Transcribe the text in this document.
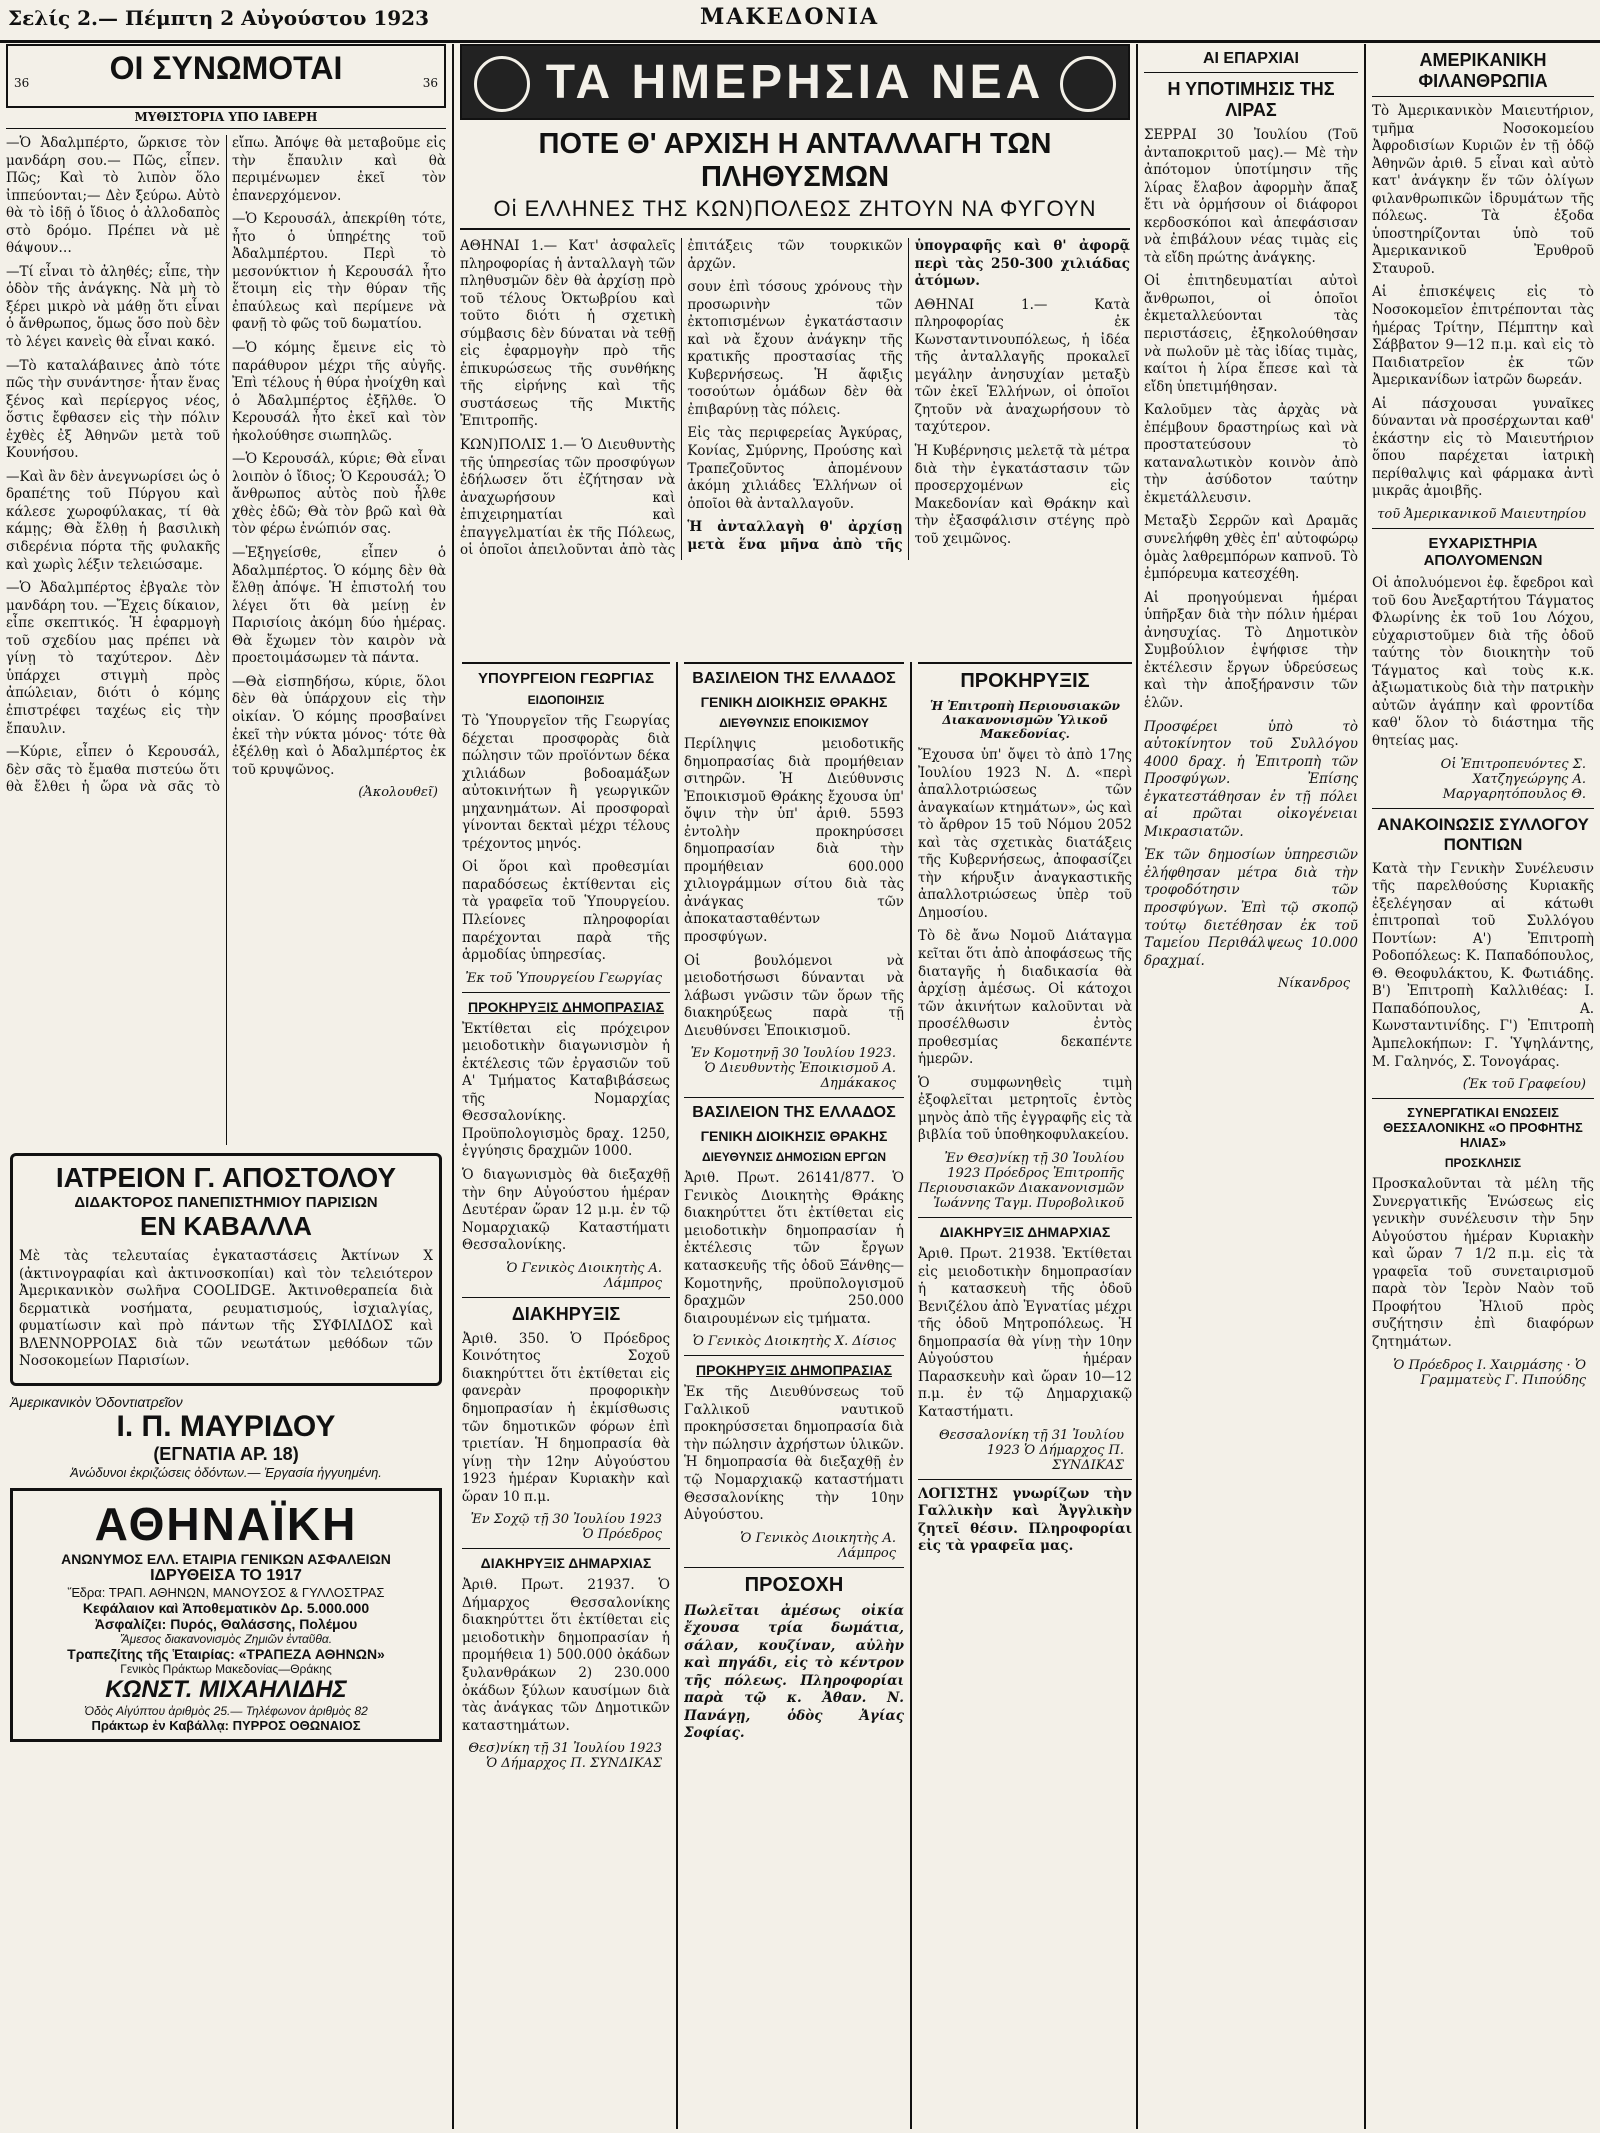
Σελίς 2.— Πέμπτη 2 Αὐγούστου 1923	ΜΑΚΕΔΟΝΙΑ
36	ΟΙ ΣΥΝΩΜΟΤΑΙ	36
ΜΥΘΙΣΤΟΡΙΑ ΥΠΟ ΙΑΒΕΡΗ

—Ὁ Ἀδαλμπέρτο, ὥρκισε τὸν μανδάρη σου.— Πῶς, εἶπεν. Πῶς; Καὶ τὸ λιπὸν ὅλο ἰππεύονται;— Δὲν ξεύρω. Αὐτὸ θὰ τὸ ἰδῇ ὁ ἴδιος ὁ ἀλλοδαπὸς στὸ δρόμο. Πρέπει νὰ μὲ θάψουν…

—Τί εἶναι τὸ ἀληθές; εἶπε, τὴν ὁδὸν τῆς ἀνάγκης. Νὰ μὴ τὸ ξέρει μικρὸ νὰ μάθῃ ὅτι εἶναι ὁ ἄνθρωπος, ὅμως ὅσο ποὺ δὲν τὸ λέγει κανεὶς θὰ εἶναι κακό.

—Τὸ καταλάβαινες ἀπὸ τότε πῶς τὴν συνάντησε· ἦταν ἕνας ξένος καὶ περίεργος νέος, ὅστις ἔφθασεν εἰς τὴν πόλιν ἐχθὲς ἐξ Ἀθηνῶν μετὰ τοῦ Κουνήσου.

—Καὶ ἂν δὲν ἀνεγνωρίσει ὡς ὁ δραπέτης τοῦ Πύργου καὶ κάλεσε χωροφύλακας, τί θὰ κάμῃς; Θὰ ἔλθῃ ἡ βασιλικὴ σιδερένια πόρτα τῆς φυλακῆς καὶ χωρὶς λέξιν τελειώσαμε.

—Ὁ Ἀδαλμπέρτος ἐβγαλε τὸν μανδάρη του. —Ἔχεις δίκαιον, εἶπε σκεπτικός. Ἡ ἐφαρμογὴ τοῦ σχεδίου μας πρέπει νὰ γίνῃ τὸ ταχύτερον. Δὲν ὑπάρχει στιγμὴ πρὸς ἀπώλειαν, διότι ὁ κόμης ἐπιστρέφει ταχέως εἰς τὴν ἔπαυλιν.

—Κύριε, εἶπεν ὁ Κερουσάλ, δὲν σᾶς τὸ ἔμαθα πιστεύω ὅτι θὰ ἔλθει ἡ ὥρα νὰ σᾶς τὸ εἴπω. Ἀπόψε θὰ μεταβοῦμε εἰς τὴν ἔπαυλιν καὶ θὰ περιμένωμεν ἐκεῖ τὸν ἐπανερχόμενον.

—Ὁ Κερουσάλ, ἀπεκρίθη τότε, ἦτο ὁ ὑπηρέτης τοῦ Ἀδαλμπέρτου. Περὶ τὸ μεσονύκτιον ἡ Κερουσάλ ἦτο ἕτοιμη εἰς τὴν θύραν τῆς ἐπαύλεως καὶ περίμενε νὰ φανῇ τὸ φῶς τοῦ δωματίου.

—Ὁ κόμης ἔμεινε εἰς τὸ παράθυρον μέχρι τῆς αὐγῆς. Ἐπὶ τέλους ἡ θύρα ἠνοίχθη καὶ ὁ Ἀδαλμπέρτος ἐξῆλθε. Ὁ Κερουσάλ ἦτο ἐκεῖ καὶ τὸν ἠκολούθησε σιωπηλῶς.

—Ὁ Κερουσάλ, κύριε; Θὰ εἶναι λοιπὸν ὁ ἴδιος; Ὁ Κερουσάλ; Ὁ ἄνθρωπος αὐτὸς ποὺ ἦλθε χθὲς ἐδῶ; Θὰ τὸν βρῶ καὶ θὰ τὸν φέρω ἐνώπιόν σας.

—Ἐξηγείσθε, εἶπεν ὁ Ἀδαλμπέρτος. Ὁ κόμης δὲν θὰ ἔλθῃ ἀπόψε. Ἡ ἐπιστολή του λέγει ὅτι θὰ μείνῃ ἐν Παρισίοις ἀκόμη δύο ἡμέρας. Θὰ ἔχωμεν τὸν καιρὸν νὰ προετοιμάσωμεν τὰ πάντα.

—Θὰ εἰσπηδήσω, κύριε, ὅλοι δὲν θὰ ὑπάρχουν εἰς τὴν οἰκίαν. Ὁ κόμης προσβαίνει ἐκεῖ τὴν νύκτα μόνος· τότε θὰ ἐξέλθῃ καὶ ὁ Ἀδαλμπέρτος ἐκ τοῦ κρυψῶνος.

(Ἀκολουθεῖ)

ΙΑΤΡΕΙΟΝ Γ. ΑΠΟΣΤΟΛΟΥ
ΔΙΔΑΚΤΟΡΟΣ ΠΑΝΕΠΙΣΤΗΜΙΟΥ ΠΑΡΙΣΙΩΝ
ΕΝ ΚΑΒΑΛΛΑ

Μὲ τὰς τελευταίας ἐγκαταστάσεις Ἀκτίνων Χ (ἀκτινογραφίαι καὶ ἀκτινοσκοπίαι) καὶ τὸν τελειότερον Ἀμερικανικὸν σωλῆνα COOLIDGE. Ἀκτινοθεραπεία διὰ δερματικὰ νοσήματα, ρευματισμούς, ἰσχιαλγίας, φυματίωσιν καὶ πρὸ πάντων τῆς ΣΥΦΙΛΙΔΟΣ καὶ ΒΛΕΝΝΟΡΡΟΙΑΣ διὰ τῶν νεωτάτων μεθόδων τῶν Νοσοκομείων Παρισίων.

Ἀμερικανικὸν Ὀδοντιατρεῖον
Ι. Π. ΜΑΥΡΙΔΟΥ
(ΕΓΝΑΤΙΑ ΑΡ. 18)
Ἀνώδυνοι ἐκριζώσεις ὀδόντων.— Ἐργασία ἠγγυημένη.
ΑΘΗΝΑΪΚΗ
ΑΝΩΝΥΜΟΣ ΕΛΛ. ΕΤΑΙΡΙΑ ΓΕΝΙΚΩΝ ΑΣΦΑΛΕΙΩΝ
ΙΔΡΥΘΕΙΣΑ ΤΟ 1917
Ἕδρα: ΤΡΑΠ. ΑΘΗΝΩΝ, ΜΑΝΟΥΣΟΣ & ΓΥΛΛΟΣΤΡΑΣ
Κεφάλαιον καὶ Ἀποθεματικὸν Δρ. 5.000.000
Ἀσφαλίζει: Πυρός, Θαλάσσης, Πολέμου
Ἄμεσος διακανονισμὸς Ζημιῶν ἐνταῦθα.
Τραπεζίτης τῆς Ἑταιρίας: «ΤΡΑΠΕΖΑ ΑΘΗΝΩΝ»
Γενικὸς Πράκτωρ Μακεδονίας—Θράκης
ΚΩΝΣΤ. ΜΙΧΑΗΛΙΔΗΣ
Ὁδὸς Αἰγύπτου ἀριθμὸς 25.— Τηλέφωνον ἀριθμὸς 82
Πράκτωρ ἐν Καβάλλᾳ: ΠΥΡΡΟΣ ΟΘΩΝΑΙΟΣ
ΤΑ ΗΜΕΡΗΣΙΑ ΝΕΑ
ΠΟΤΕ Θ' ΑΡΧΙΣΗ Η ΑΝΤΑΛΛΑΓΗ ΤΩΝ ΠΛΗΘΥΣΜΩΝ
Οἱ ΕΛΛΗΝΕΣ ΤΗΣ ΚΩΝ)ΠΟΛΕΩΣ ΖΗΤΟΥΝ ΝΑ ΦΥΓΟΥΝ

ΑΘΗΝΑΙ 1.— Κατ' ἀσφαλεῖς πληροφορίας ἡ ἀνταλλαγὴ τῶν πληθυσμῶν δὲν θὰ ἀρχίσῃ πρὸ τοῦ τέλους Ὀκτωβρίου καὶ τοῦτο διότι ἡ σχετικὴ σύμβασις δὲν δύναται νὰ τεθῇ εἰς ἐφαρμογὴν πρὸ τῆς ἐπικυρώσεως τῆς συνθήκης τῆς εἰρήνης καὶ τῆς συστάσεως τῆς Μικτῆς Ἐπιτροπῆς.

ΚΩΝ)ΠΟΛΙΣ 1.— Ὁ Διευθυντὴς τῆς ὑπηρεσίας τῶν προσφύγων ἐδήλωσεν ὅτι ἐζήτησαν νὰ ἀναχωρήσουν καὶ ἐπιχειρηματίαι καὶ ἐπαγγελματίαι ἐκ τῆς Πόλεως, οἱ ὁποῖοι ἀπειλοῦνται ἀπὸ τὰς ἐπιτάξεις τῶν τουρκικῶν ἀρχῶν.

σουν ἐπὶ τόσους χρόνους τὴν προσωρινὴν τῶν ἐκτοπισμένων ἐγκατάστασιν καὶ νὰ ἔχουν ἀνάγκην τῆς κρατικῆς προστασίας τῆς Κυβερνήσεως. Ἡ ἄφιξις τοσούτων ὁμάδων δὲν θὰ ἐπιβαρύνῃ τὰς πόλεις.

Εἰς τὰς περιφερείας Ἀγκύρας, Κονίας, Σμύρνης, Προύσης καὶ Τραπεζοῦντος ἀπομένουν ἀκόμη χιλιάδες Ἑλλήνων οἱ ὁποῖοι θὰ ἀνταλλαγοῦν.

Ἡ ἀνταλλαγὴ θ' ἀρχίσῃ μετὰ ἕνα μῆνα ἀπὸ τῆς ὑπογραφῆς καὶ θ' ἀφορᾷ περὶ τὰς 250-300 χιλιάδας ἀτόμων.

ΑΘΗΝΑΙ 1.— Κατὰ πληροφορίας ἐκ Κωνσταντινουπόλεως, ἡ ἰδέα τῆς ἀνταλλαγῆς προκαλεῖ μεγάλην ἀνησυχίαν μεταξὺ τῶν ἐκεῖ Ἑλλήνων, οἱ ὁποῖοι ζητοῦν νὰ ἀναχωρήσουν τὸ ταχύτερον.

Ἡ Κυβέρνησις μελετᾷ τὰ μέτρα διὰ τὴν ἐγκατάστασιν τῶν προσερχομένων εἰς Μακεδονίαν καὶ Θράκην καὶ τὴν ἐξασφάλισιν στέγης πρὸ τοῦ χειμῶνος.

ΥΠΟΥΡΓΕΙΟΝ ΓΕΩΡΓΙΑΣ
ΕΙΔΟΠΟΙΗΣΙΣ

Τὸ Ὑπουργεῖον τῆς Γεωργίας δέχεται προσφορὰς διὰ πώλησιν τῶν προϊόντων δέκα χιλιάδων βοδοαμάξων αὐτοκινήτων ἢ γεωργικῶν μηχανημάτων. Αἱ προσφοραὶ γίνονται δεκταὶ μέχρι τέλους τρέχοντος μηνός.

Οἱ ὅροι καὶ προθεσμίαι παραδόσεως ἐκτίθενται εἰς τὰ γραφεῖα τοῦ Ὑπουργείου. Πλείονες πληροφορίαι παρέχονται παρὰ τῆς ἁρμοδίας ὑπηρεσίας.

Ἐκ τοῦ Ὑπουργείου Γεωργίας

ΠΡΟΚΗΡΥΞΙΣ ΔΗΜΟΠΡΑΣΙΑΣ

Ἐκτίθεται εἰς πρόχειρον μειοδοτικὴν διαγωνισμὸν ἡ ἐκτέλεσις τῶν ἐργασιῶν τοῦ Α' Τμήματος Καταβιβάσεως τῆς Νομαρχίας Θεσσαλονίκης. Προϋπολογισμὸς δραχ. 1250, ἐγγύησις δραχμῶν 1000.

Ὁ διαγωνισμὸς θὰ διεξαχθῇ τὴν 6ην Αὐγούστου ἡμέραν Δευτέραν ὥραν 12 μ.μ. ἐν τῷ Νομαρχιακῷ Καταστήματι Θεσσαλονίκης.

Ὁ Γενικὸς Διοικητὴς Α. Λάμπρος

ΔΙΑΚΗΡΥΞΙΣ

Ἀριθ. 350. Ὁ Πρόεδρος Κοινότητος Σοχοῦ διακηρύττει ὅτι ἐκτίθεται εἰς φανερὰν προφορικὴν δημοπρασίαν ἡ ἐκμίσθωσις τῶν δημοτικῶν φόρων ἐπὶ τριετίαν. Ἡ δημοπρασία θὰ γίνῃ τὴν 12ην Αὐγούστου 1923 ἡμέραν Κυριακὴν καὶ ὥραν 10 π.μ.

Ἐν Σοχῷ τῇ 30 Ἰουλίου 1923 Ὁ Πρόεδρος

ΔΙΑΚΗΡΥΞΙΣ ΔΗΜΑΡΧΙΑΣ

Ἀριθ. Πρωτ. 21937. Ὁ Δήμαρχος Θεσσαλονίκης διακηρύττει ὅτι ἐκτίθεται εἰς μειοδοτικὴν δημοπρασίαν ἡ προμήθεια 1) 500.000 ὀκάδων ξυλανθράκων 2) 230.000 ὀκάδων ξύλων καυσίμων διὰ τὰς ἀνάγκας τῶν Δημοτικῶν καταστημάτων.

Θεσ)νίκη τῇ 31 Ἰουλίου 1923 Ὁ Δήμαρχος Π. ΣΥΝΔΙΚΑΣ

ΒΑΣΙΛΕΙΟΝ ΤΗΣ ΕΛΛΑΔΟΣ
ΓΕΝΙΚΗ ΔΙΟΙΚΗΣΙΣ ΘΡΑΚΗΣ
ΔΙΕΥΘΥΝΣΙΣ ΕΠΟΙΚΙΣΜΟΥ

Περίληψις μειοδοτικῆς δημοπρασίας διὰ προμήθειαν σιτηρῶν. Ἡ Διεύθυνσις Ἐποικισμοῦ Θράκης ἔχουσα ὑπ' ὄψιν τὴν ὑπ' ἀριθ. 5593 ἐντολὴν προκηρύσσει δημοπρασίαν διὰ τὴν προμήθειαν 600.000 χιλιογράμμων σίτου διὰ τὰς ἀνάγκας τῶν ἀποκατασταθέντων προσφύγων.

Οἱ βουλόμενοι νὰ μειοδοτήσωσι δύνανται νὰ λάβωσι γνῶσιν τῶν ὅρων τῆς διακηρύξεως παρὰ τῇ Διευθύνσει Ἐποικισμοῦ.

Ἐν Κομοτηνῇ 30 Ἰουλίου 1923. Ὁ Διευθυντὴς Ἐποικισμοῦ Α. Δημάκακος

ΒΑΣΙΛΕΙΟΝ ΤΗΣ ΕΛΛΑΔΟΣ
ΓΕΝΙΚΗ ΔΙΟΙΚΗΣΙΣ ΘΡΑΚΗΣ
ΔΙΕΥΘΥΝΣΙΣ ΔΗΜΟΣΙΩΝ ΕΡΓΩΝ

Ἀριθ. Πρωτ. 26141/877. Ὁ Γενικὸς Διοικητὴς Θράκης διακηρύττει ὅτι ἐκτίθεται εἰς μειοδοτικὴν δημοπρασίαν ἡ ἐκτέλεσις τῶν ἔργων κατασκευῆς τῆς ὁδοῦ Ξάνθης—Κομοτηνῆς, προϋπολογισμοῦ δραχμῶν 250.000 διαιρουμένων εἰς τμήματα.

Ὁ Γενικὸς Διοικητὴς Χ. Δίσιος

ΠΡΟΚΗΡΥΞΙΣ ΔΗΜΟΠΡΑΣΙΑΣ

Ἐκ τῆς Διευθύνσεως τοῦ Γαλλικοῦ ναυτικοῦ προκηρύσσεται δημοπρασία διὰ τὴν πώλησιν ἀχρήστων ὑλικῶν. Ἡ δημοπρασία θὰ διεξαχθῇ ἐν τῷ Νομαρχιακῷ καταστήματι Θεσσαλονίκης τὴν 10ην Αὐγούστου.

Ὁ Γενικὸς Διοικητὴς Α. Λάμπρος

ΠΡΟΣΟΧΗ

Πωλεῖται ἀμέσως οἰκία ἔχουσα τρία δωμάτια, σάλαν, κουζίναν, αὐλὴν καὶ πηγάδι, εἰς τὸ κέντρον τῆς πόλεως. Πληροφορίαι παρὰ τῷ κ. Ἀθαν. Ν. Πανάγῃ, ὁδὸς Ἀγίας Σοφίας.

ΠΡΟΚΗΡΥΞΙΣ
Ἡ Ἐπιτροπὴ Περιουσιακῶν Διακανονισμῶν Ὑλικοῦ Μακεδονίας.

Ἔχουσα ὑπ' ὄψει τὸ ἀπὸ 17ης Ἰουλίου 1923 Ν. Δ. «περὶ ἀπαλλοτριώσεως τῶν ἀναγκαίων κτημάτων», ὡς καὶ τὸ ἄρθρον 15 τοῦ Νόμου 2052 καὶ τὰς σχετικὰς διατάξεις τῆς Κυβερνήσεως, ἀποφασίζει τὴν κήρυξιν ἀναγκαστικῆς ἀπαλλοτριώσεως ὑπὲρ τοῦ Δημοσίου.

Τὸ δὲ ἄνω Νομοῦ Διάταγμα κεῖται ὅτι ἀπὸ ἀποφάσεως τῆς διαταγῆς ἡ διαδικασία θὰ ἀρχίσῃ ἀμέσως. Οἱ κάτοχοι τῶν ἀκινήτων καλοῦνται νὰ προσέλθωσιν ἐντὸς προθεσμίας δεκαπέντε ἡμερῶν.

Ὁ συμφωνηθεὶς τιμὴ ἐξοφλεῖται μετρητοῖς ἐντὸς μηνὸς ἀπὸ τῆς ἐγγραφῆς εἰς τὰ βιβλία τοῦ ὑποθηκοφυλακείου.

Ἐν Θεσ)νίκῃ τῇ 30 Ἰουλίου 1923 Πρόεδρος Ἐπιτροπῆς Περιουσιακῶν Διακανονισμῶν Ἰωάννης Ταγμ. Πυροβολικοῦ

ΔΙΑΚΗΡΥΞΙΣ ΔΗΜΑΡΧΙΑΣ

Ἀριθ. Πρωτ. 21938. Ἐκτίθεται εἰς μειοδοτικὴν δημοπρασίαν ἡ κατασκευὴ τῆς ὁδοῦ Βενιζέλου ἀπὸ Ἐγνατίας μέχρι τῆς ὁδοῦ Μητροπόλεως. Ἡ δημοπρασία θὰ γίνῃ τὴν 10ην Αὐγούστου ἡμέραν Παρασκευὴν καὶ ὥραν 10—12 π.μ. ἐν τῷ Δημαρχιακῷ Καταστήματι.

Θεσσαλονίκη τῇ 31 Ἰουλίου 1923 Ὁ Δήμαρχος Π. ΣΥΝΔΙΚΑΣ

ΛΟΓΙΣΤΗΣ γνωρίζων τὴν Γαλλικὴν καὶ Ἀγγλικὴν ζητεῖ θέσιν. Πληροφορίαι εἰς τὰ γραφεῖα μας.

ΑΙ ΕΠΑΡΧΙΑΙ
Η ΥΠΟΤΙΜΗΣΙΣ ΤΗΣ ΛΙΡΑΣ

ΣΕΡΡΑΙ 30 Ἰουλίου (Τοῦ ἀνταποκριτοῦ μας).— Μὲ τὴν ἀπότομον ὑποτίμησιν τῆς λίρας ἔλαβον ἀφορμὴν ἄπαξ ἔτι νὰ ὁρμήσουν οἱ διάφοροι κερδοσκόποι καὶ ἀπεφάσισαν νὰ ἐπιβάλουν νέας τιμὰς εἰς τὰ εἴδη πρώτης ἀνάγκης.

Οἱ ἐπιτηδευματίαι αὐτοὶ ἄνθρωποι, οἱ ὁποῖοι ἐκμεταλλεύονται τὰς περιστάσεις, ἐξηκολούθησαν νὰ πωλοῦν μὲ τὰς ἰδίας τιμὰς, καίτοι ἡ λίρα ἔπεσε καὶ τὰ εἴδη ὑπετιμήθησαν.

Καλοῦμεν τὰς ἀρχὰς νὰ ἐπέμβουν δραστηρίως καὶ νὰ προστατεύσουν τὸ καταναλωτικὸν κοινὸν ἀπὸ τὴν ἀσύδοτον ταύτην ἐκμετάλλευσιν.

Μεταξὺ Σερρῶν καὶ Δραμᾶς συνελήφθη χθὲς ἐπ' αὐτοφώρῳ ὁμὰς λαθρεμπόρων καπνοῦ. Τὸ ἐμπόρευμα κατεσχέθη.

Αἱ προηγούμεναι ἡμέραι ὑπῆρξαν διὰ τὴν πόλιν ἡμέραι ἀνησυχίας. Τὸ Δημοτικὸν Συμβούλιον ἐψήφισε τὴν ἐκτέλεσιν ἔργων ὑδρεύσεως καὶ τὴν ἀποξήρανσιν τῶν ἑλῶν.

Προσφέρει ὑπὸ τὸ αὐτοκίνητον τοῦ Συλλόγου 4000 δραχ. ἡ Ἐπιτροπὴ τῶν Προσφύγων. Ἐπίσης ἐγκατεστάθησαν ἐν τῇ πόλει αἱ πρῶται οἰκογένειαι Μικρασιατῶν.

Ἐκ τῶν δημοσίων ὑπηρεσιῶν ἐλήφθησαν μέτρα διὰ τὴν τροφοδότησιν τῶν προσφύγων. Ἐπὶ τῷ σκοπῷ τούτῳ διετέθησαν ἐκ τοῦ Ταμείου Περιθάλψεως 10.000 δραχμαί.

Νίκανδρος

ΑΜΕΡΙΚΑΝΙΚΗ ΦΙΛΑΝΘΡΩΠΙΑ

Τὸ Ἀμερικανικὸν Μαιευτήριον, τμῆμα Νοσοκομείου Ἀφροδισίων Κυριῶν ἐν τῇ ὁδῷ Ἀθηνῶν ἀριθ. 5 εἶναι καὶ αὐτὸ κατ' ἀνάγκην ἕν τῶν ὀλίγων φιλανθρωπικῶν ἱδρυμάτων τῆς πόλεως. Τὰ ἐξοδα ὑποστηρίζονται ὑπὸ τοῦ Ἀμερικανικοῦ Ἐρυθροῦ Σταυροῦ.

Αἱ ἐπισκέψεις εἰς τὸ Νοσοκομεῖον ἐπιτρέπονται τὰς ἡμέρας Τρίτην, Πέμπτην καὶ Σάββατον 9—12 π.μ. καὶ εἰς τὸ Παιδιατρεῖον ἐκ τῶν Ἀμερικανίδων ἰατρῶν δωρεάν.

Αἱ πάσχουσαι γυναῖκες δύνανται νὰ προσέρχωνται καθ' ἑκάστην εἰς τὸ Μαιευτήριον ὅπου παρέχεται ἰατρικὴ περίθαλψις καὶ φάρμακα ἀντὶ μικρᾶς ἀμοιβῆς.

τοῦ Ἀμερικανικοῦ Μαιευτηρίου

ΕΥΧΑΡΙΣΤΗΡΙΑ ΑΠΟΛΥΟΜΕΝΩΝ

Οἱ ἀπολυόμενοι ἐφ. ἔφεδροι καὶ τοῦ 6ου Ἀνεξαρτήτου Τάγματος Φλωρίνης ἐκ τοῦ 1ου Λόχου, εὐχαριστοῦμεν διὰ τῆς ὁδοῦ ταύτης τὸν διοικητὴν τοῦ Τάγματος καὶ τοὺς κ.κ. ἀξιωματικοὺς διὰ τὴν πατρικὴν αὐτῶν ἀγάπην καὶ φροντίδα καθ' ὅλον τὸ διάστημα τῆς θητείας μας.

Οἱ Ἐπιτροπευόντες Σ. Χατζηγεώργης Α. Μαργαρητόπουλος Θ.

ΑΝΑΚΟΙΝΩΣΙΣ ΣΥΛΛΟΓΟΥ ΠΟΝΤΙΩΝ

Κατὰ τὴν Γενικὴν Συνέλευσιν τῆς παρελθούσης Κυριακῆς ἐξελέγησαν αἱ κάτωθι ἐπιτροπαὶ τοῦ Συλλόγου Ποντίων: Α') Ἐπιτροπὴ Ροδοπόλεως: Κ. Παπαδόπουλος, Θ. Θεοφυλάκτου, Κ. Φωτιάδης. Β') Ἐπιτροπὴ Καλλιθέας: Ι. Παπαδόπουλος, Α. Κωνσταντινίδης. Γ') Ἐπιτροπὴ Ἀμπελοκήπων: Γ. Ὑψηλάντης, Μ. Γαληνός, Σ. Τονογάρας.

(Ἐκ τοῦ Γραφείου)

ΣΥΝΕΡΓΑΤΙΚΑΙ ΕΝΩΣΕΙΣ ΘΕΣΣΑΛΟΝΙΚΗΣ «Ο ΠΡΟΦΗΤΗΣ ΗΛΙΑΣ»
ΠΡΟΣΚΛΗΣΙΣ

Προσκαλοῦνται τὰ μέλη τῆς Συνεργατικῆς Ἑνώσεως εἰς γενικὴν συνέλευσιν τὴν 5ην Αὐγούστου ἡμέραν Κυριακὴν καὶ ὥραν 7 1/2 π.μ. εἰς τὰ γραφεῖα τοῦ συνεταιρισμοῦ παρὰ τὸν Ἱερὸν Ναὸν τοῦ Προφήτου Ἠλιοῦ πρὸς συζήτησιν ἐπὶ διαφόρων ζητημάτων.

Ὁ Πρόεδρος Ι. Χαιρμάσης · Ὁ Γραμματεὺς Γ. Πιπούδης
